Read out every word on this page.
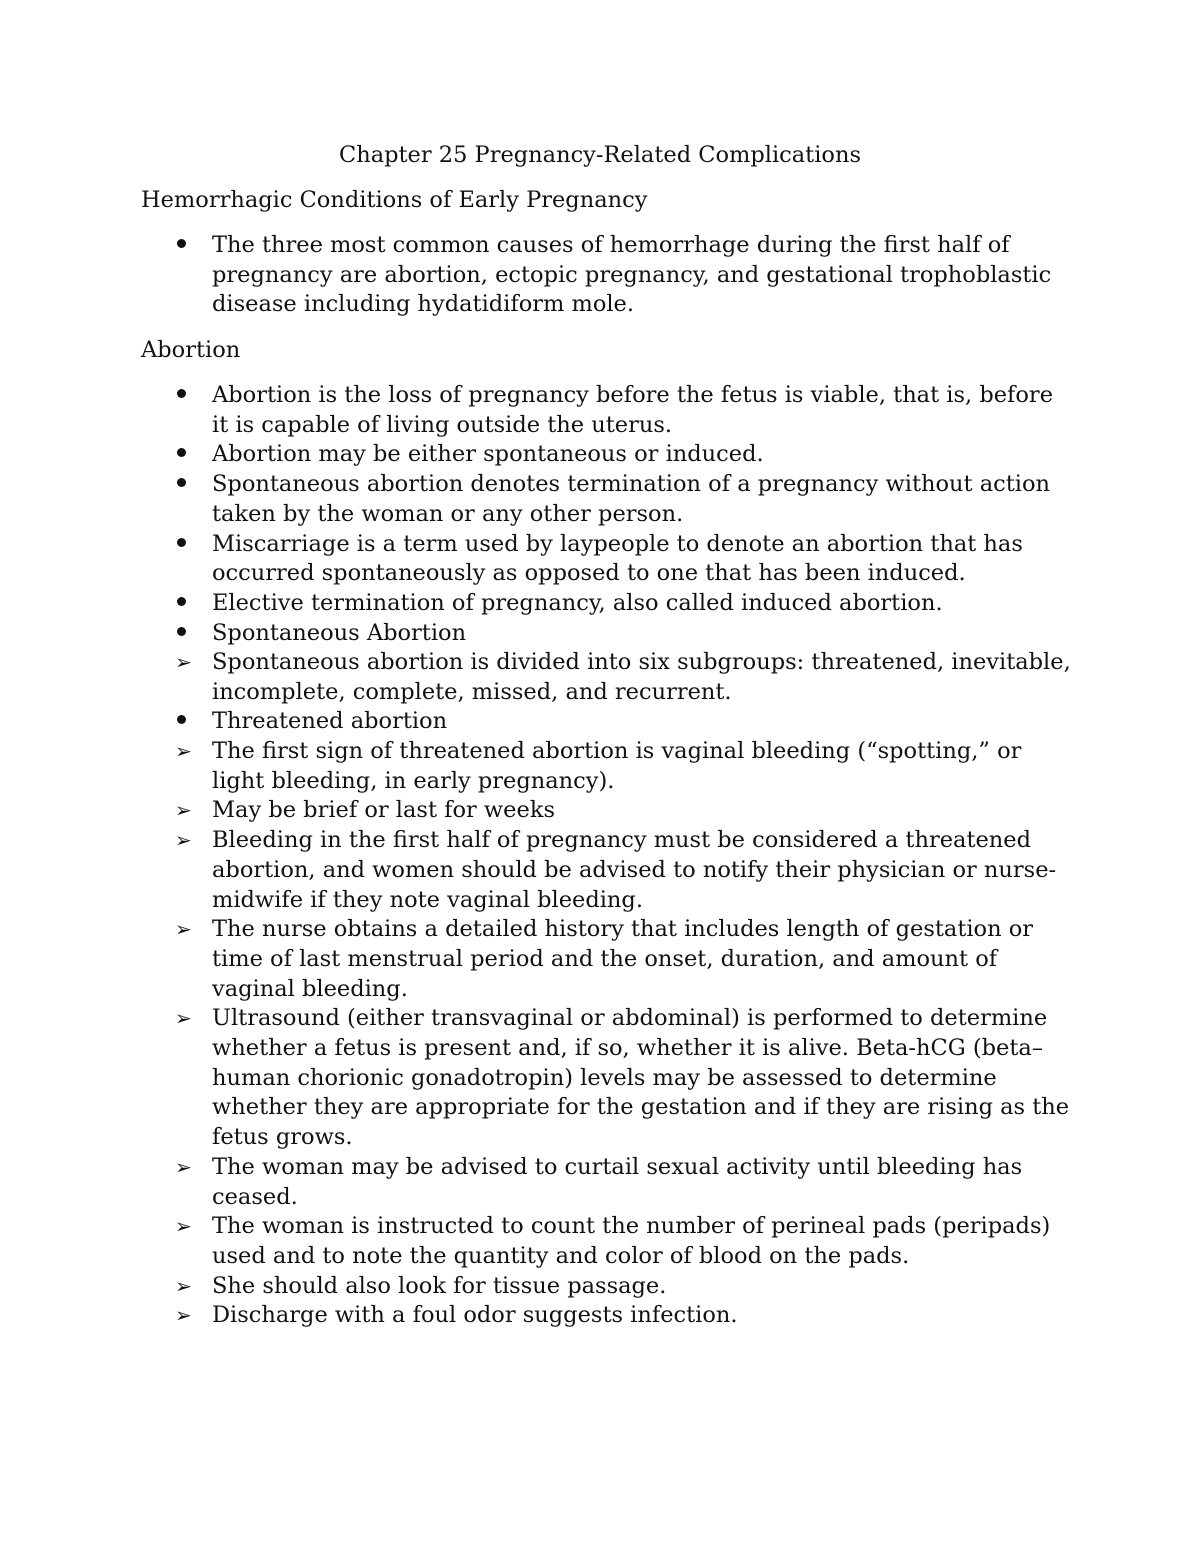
Chapter 25 Pregnancy-Related Complications
Hemorrhagic Conditions of Early Pregnancy
The three most common causes of hemorrhage during the first half of pregnancy are abortion, ectopic pregnancy, and gestational trophoblastic disease including hydatidiform mole.
Abortion
Abortion is the loss of pregnancy before the fetus is viable, that is, before it is capable of living outside the uterus.
Abortion may be either spontaneous or induced.
Spontaneous abortion denotes termination of a pregnancy without action taken by the woman or any other person.
Miscarriage is a term used by laypeople to denote an abortion that has occurred spontaneously as opposed to one that has been induced.
Elective termination of pregnancy, also called induced abortion.
Spontaneous Abortion
➢ Spontaneous abortion is divided into six subgroups: threatened, inevitable, incomplete, complete, missed, and recurrent.
Threatened abortion
➢ The first sign of threatened abortion is vaginal bleeding (“spotting,” or light bleeding, in early pregnancy).
➢ May be brief or last for weeks
➢ Bleeding in the first half of pregnancy must be considered a threatened abortion, and women should be advised to notify their physician or nurse-midwife if they note vaginal bleeding.
➢ The nurse obtains a detailed history that includes length of gestation or time of last menstrual period and the onset, duration, and amount of vaginal bleeding.
➢ Ultrasound (either transvaginal or abdominal) is performed to determine whether a fetus is present and, if so, whether it is alive. Beta-hCG (beta–human chorionic gonadotropin) levels may be assessed to determine whether they are appropriate for the gestation and if they are rising as the fetus grows.
➢ The woman may be advised to curtail sexual activity until bleeding has ceased.
➢ The woman is instructed to count the number of perineal pads (peripads) used and to note the quantity and color of blood on the pads.
➢ She should also look for tissue passage.
➢ Discharge with a foul odor suggests infection.
